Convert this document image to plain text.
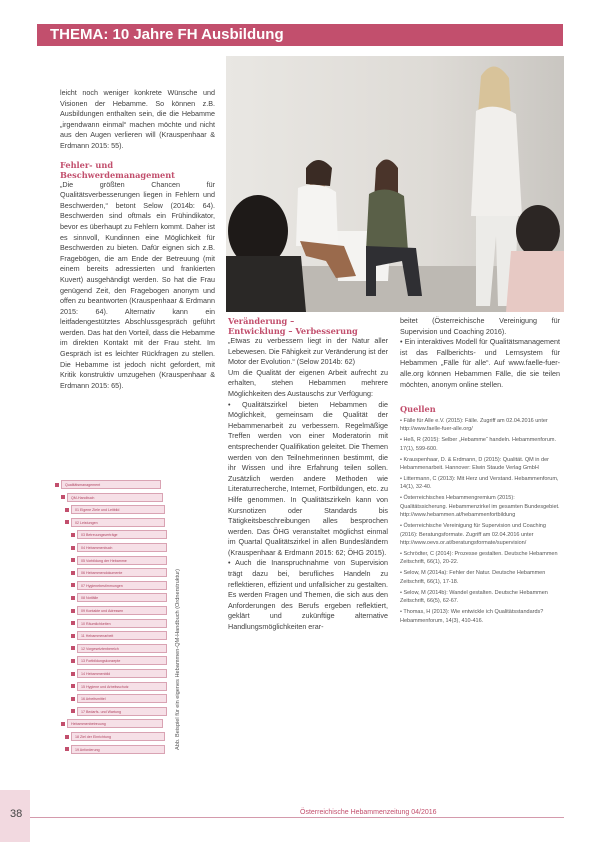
THEMA: 10 Jahre FH Ausbildung

leicht noch weniger konkrete Wünsche und Visionen der Hebamme. So können z.B. Ausbildungen enthalten sein, die die Hebamme „irgendwann einmal“ machen möchte und nicht aus den Augen verlieren will (Krauspenhaar & Erdmann 2015: 55).

Fehler- und
Beschwerdemanagement

„Die größten Chancen für Qualitätsverbesserungen liegen in Fehlern und Beschwerden,“ betont Selow (2014b: 64). Beschwerden sind oftmals ein Frühindikator, bevor es überhaupt zu Fehlern kommt. Daher ist es sinnvoll, Kundinnen eine Möglichkeit für Beschwerden zu bieten. Dafür eignen sich z.B. Fragebögen, die am Ende der Betreuung (mit einem bereits adressierten und frankierten Kuvert) ausgehändigt werden. So hat die Frau genügend Zeit, den Fragebogen anonym und offen zu beantworten (Krauspenhaar & Erdmann 2015: 64). Alternativ kann ein leitfadengestütztes Abschlussgespräch geführt werden. Das hat den Vorteil, dass die Hebamme im direkten Kontakt mit der Frau steht. Im Gespräch ist es leichter Rückfragen zu stellen. Die Hebamme ist jedoch nicht gefordert, mit Kritik konstruktiv umzugehen (Krauspenhaar & Erdmann 2015: 65).

Qualitätsmanagement
QM-Handbuch
01 Eigene Ziele und Leitbild
02 Leistungen
03 Betreuungsverträge
04 Hebammenbuch
05 Vorbildung der Hebamme
06 Hebammendokumente
07 Hygienebestimmungen
08 Notfälle
09 Kontakte und Adressen
10 Räumlichkeiten
11 Hebammenarbeit
12 Vorgesetztenbereich
13 Fortbildungskonzepte
14 Hebammenbild
15 Hygiene und Arbeitsschutz
16 Arbeitsmittel
17 Bedarfs- und Wartung
Hebammenbetreuung
18 Ziel der Einrichtung
19 Anforderung	Abb. Beispiel für ein eigenes Hebammen-QM-Handbuch (Ordnerstruktur)
Veränderung –
Entwicklung – Verbesserung

„Etwas zu verbessern liegt in der Natur aller Lebewesen. Die Fähigkeit zur Veränderung ist der Motor der Evolution.“ (Selow 2014b: 62)

Um die Qualität der eigenen Arbeit aufrecht zu erhalten, stehen Hebammen mehrere Möglichkeiten des Austauschs zur Verfügung:

• Qualitätszirkel bieten Hebammen die Möglichkeit, gemeinsam die Qualität der Hebammenarbeit zu verbessern. Regelmäßige Treffen werden von einer Moderatorin mit entsprechender Qualifikation geleitet. Die Themen werden von den Teilnehmerinnen bestimmt, die ihr Wissen und ihre Erfahrung teilen sollen. Zusätzlich werden andere Methoden wie Literaturrecherche, Internet, Fortbildungen, etc. zu Hilfe genommen. In Qualitätszirkeln kann von Kursnotizen oder Standards bis Tätigkeitsbeschreibungen alles besprochen werden. Das ÖHG veranstaltet möglichst einmal im Quartal Qualitätszirkel in allen Bundesländern (Krauspenhaar & Erdmann 2015: 62; ÖHG 2015).

• Auch die Inanspruchnahme von Supervision trägt dazu bei, berufliches Handeln zu reflektieren, effizient und unfallsicher zu gestalten. Es werden Fragen und Themen, die sich aus den Anforderungen des Berufs ergeben reflektiert, geklärt und zukünftige alternative Handlungsmöglichkeiten erar-

beitet (Österreichische Vereinigung für Supervision und Coaching 2016).

• Ein interaktives Modell für Qualitätsmanagement ist das Fallberichts- und Lernsystem für Hebammen „Fälle für alle“. Auf www.faelle-fuer-alle.org können Hebammen Fälle, die sie teilen möchten, anonym online stellen.

Quellen

• Fälle für Alle e.V. (2015): Fälle. Zugriff am 02.04.2016 unter http://www.faelle-fuer-alle.org/

• Heß, R (2015): Selber „Hebamme“ handeln. Hebammenforum. 17(1), 599-600.

• Krauspenhaar, D. & Erdmann, D (2015): Qualität. QM in der Hebammenarbeit. Hannover: Elwin Staude Verlag GmbH

• Littermann, C (2013): Mit Herz und Verstand. Hebammenforum, 14(1), 32-40.

• Österreichisches Hebammengremium (2015): Qualitätssicherung. Hebammenzirkel im gesamten Bundesgebiet. http://www.hebammen.at/hebammenfortbildung

• Österreichische Vereinigung für Supervision und Coaching (2016): Beratungsformate. Zugriff am 02.04.2016 unter http://www.oevs.or.at/beratungsformate/supervision/

• Schrödter, C (2014): Prozesse gestalten. Deutsche Hebammen Zeitschrift, 66(1), 20-22.

• Selow, M (2014a): Fehler der Natur. Deutsche Hebammen Zeitschrift, 66(1), 17-18.

• Selow, M (2014b): Wandel gestalten. Deutsche Hebammen Zeitschrift, 66(5), 62-67.

• Thomas, H (2013): Wie entwickle ich Qualitätsstandards? Hebammenforum, 14(3), 410-416.

38	Österreichische Hebammenzeitung 04/2016
